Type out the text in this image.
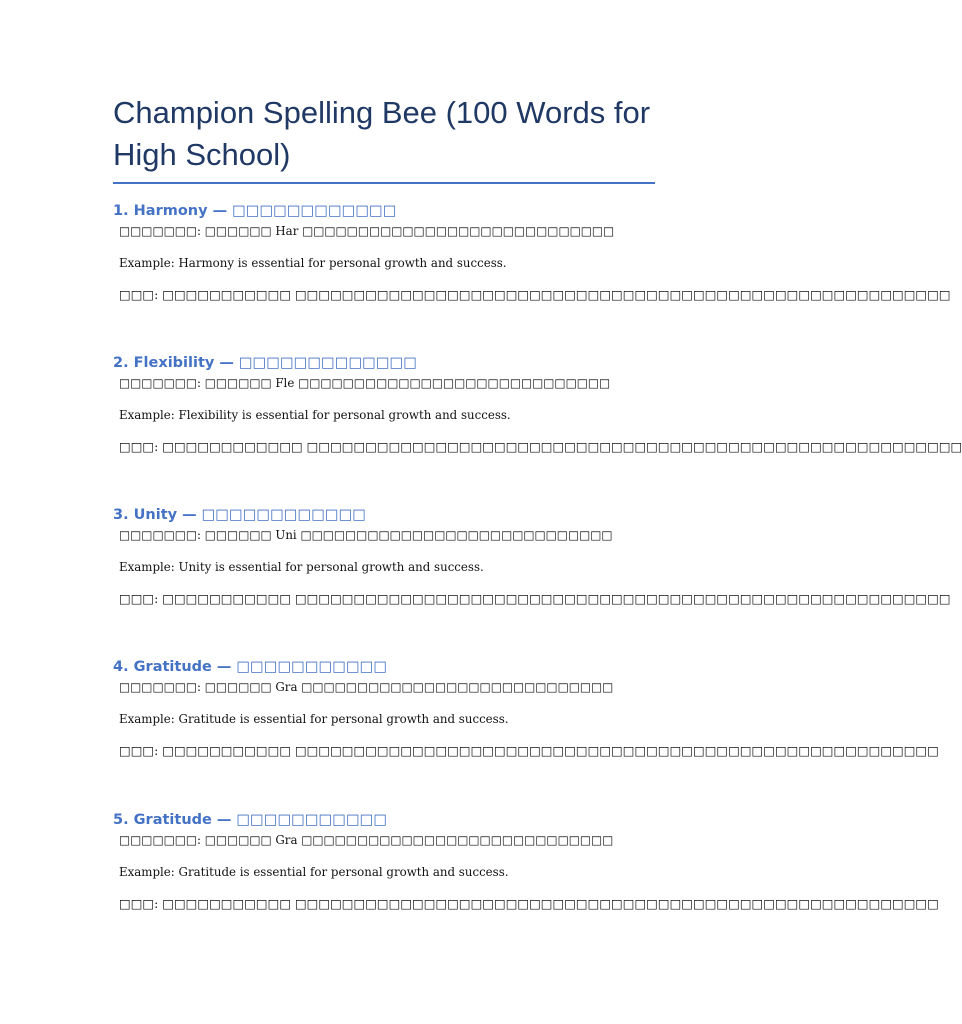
Champion Spelling Bee (100 Words for High School)
1. Harmony — □□□□□□□□□□□□
□□□□□□□: □□□□□□ Har □□□□□□□□□□□□□□□□□□□□□□□□□□□□
Example: Harmony is essential for personal growth and success.
□□□: □□□□□□□□□□□ □□□□□□□□□□□□□□□□□□□□□□□□□□□□□□□□□□□□□□□□□□□□□□□□□□□□□□□□
2. Flexibility — □□□□□□□□□□□□□
□□□□□□□: □□□□□□ Fle □□□□□□□□□□□□□□□□□□□□□□□□□□□□
Example: Flexibility is essential for personal growth and success.
□□□: □□□□□□□□□□□□ □□□□□□□□□□□□□□□□□□□□□□□□□□□□□□□□□□□□□□□□□□□□□□□□□□□□□□□□
3. Unity — □□□□□□□□□□□□
□□□□□□□: □□□□□□ Uni □□□□□□□□□□□□□□□□□□□□□□□□□□□□
Example: Unity is essential for personal growth and success.
□□□: □□□□□□□□□□□ □□□□□□□□□□□□□□□□□□□□□□□□□□□□□□□□□□□□□□□□□□□□□□□□□□□□□□□□
4. Gratitude — □□□□□□□□□□□
□□□□□□□: □□□□□□ Gra □□□□□□□□□□□□□□□□□□□□□□□□□□□□
Example: Gratitude is essential for personal growth and success.
□□□: □□□□□□□□□□□ □□□□□□□□□□□□□□□□□□□□□□□□□□□□□□□□□□□□□□□□□□□□□□□□□□□□□□□
5. Gratitude — □□□□□□□□□□□
□□□□□□□: □□□□□□ Gra □□□□□□□□□□□□□□□□□□□□□□□□□□□□
Example: Gratitude is essential for personal growth and success.
□□□: □□□□□□□□□□□ □□□□□□□□□□□□□□□□□□□□□□□□□□□□□□□□□□□□□□□□□□□□□□□□□□□□□□□
